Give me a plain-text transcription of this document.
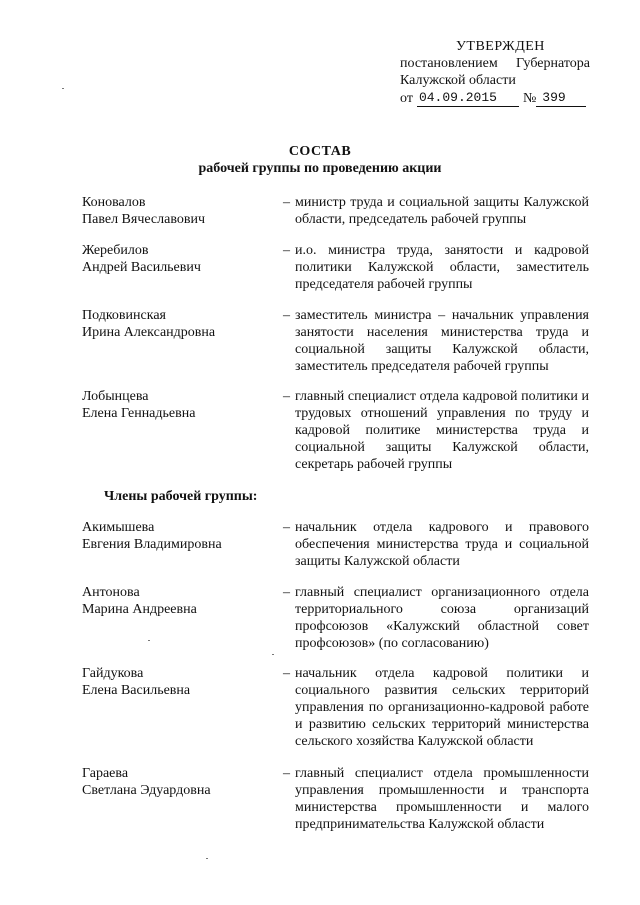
УТВЕРЖДЕН
постановлением Губернатора
Калужской области
от 04.09.2015	№ 399
СОСТАВ
рабочей группы по проведению акции
Коновалов
Павел Вячеславович
– министр труда и социальной защиты Калужской области, председатель рабочей группы
Жеребилов
Андрей Васильевич
– и.о. министра труда, занятости и кадровой политики Калужской области, заместитель председателя рабочей группы
Подковинская
Ирина Александровна
– заместитель министра – начальник управления занятости населения министерства труда и социальной защиты Калужской области, заместитель председателя рабочей группы
Лобынцева
Елена Геннадьевна
– главный специалист отдела кадровой политики и трудовых отношений управления по труду и кадровой политике министерства труда и социальной защиты Калужской области, секретарь рабочей группы
Члены рабочей группы:
Акимышева
Евгения Владимировна
– начальник отдела кадрового и правового обеспечения министерства труда и социальной защиты Калужской области
Антонова
Марина Андреевна
– главный специалист организационного отдела территориального союза организаций профсоюзов «Калужский областной совет профсоюзов» (по согласованию)
Гайдукова
Елена Васильевна
– начальник отдела кадровой политики и социального развития сельских территорий управления по организационно-кадровой работе и развитию сельских территорий министерства сельского хозяйства Калужской области
Гараева
Светлана Эдуардовна
– главный специалист отдела промышленности управления промышленности и транспорта министерства промышленности и малого предпринимательства Калужской области
